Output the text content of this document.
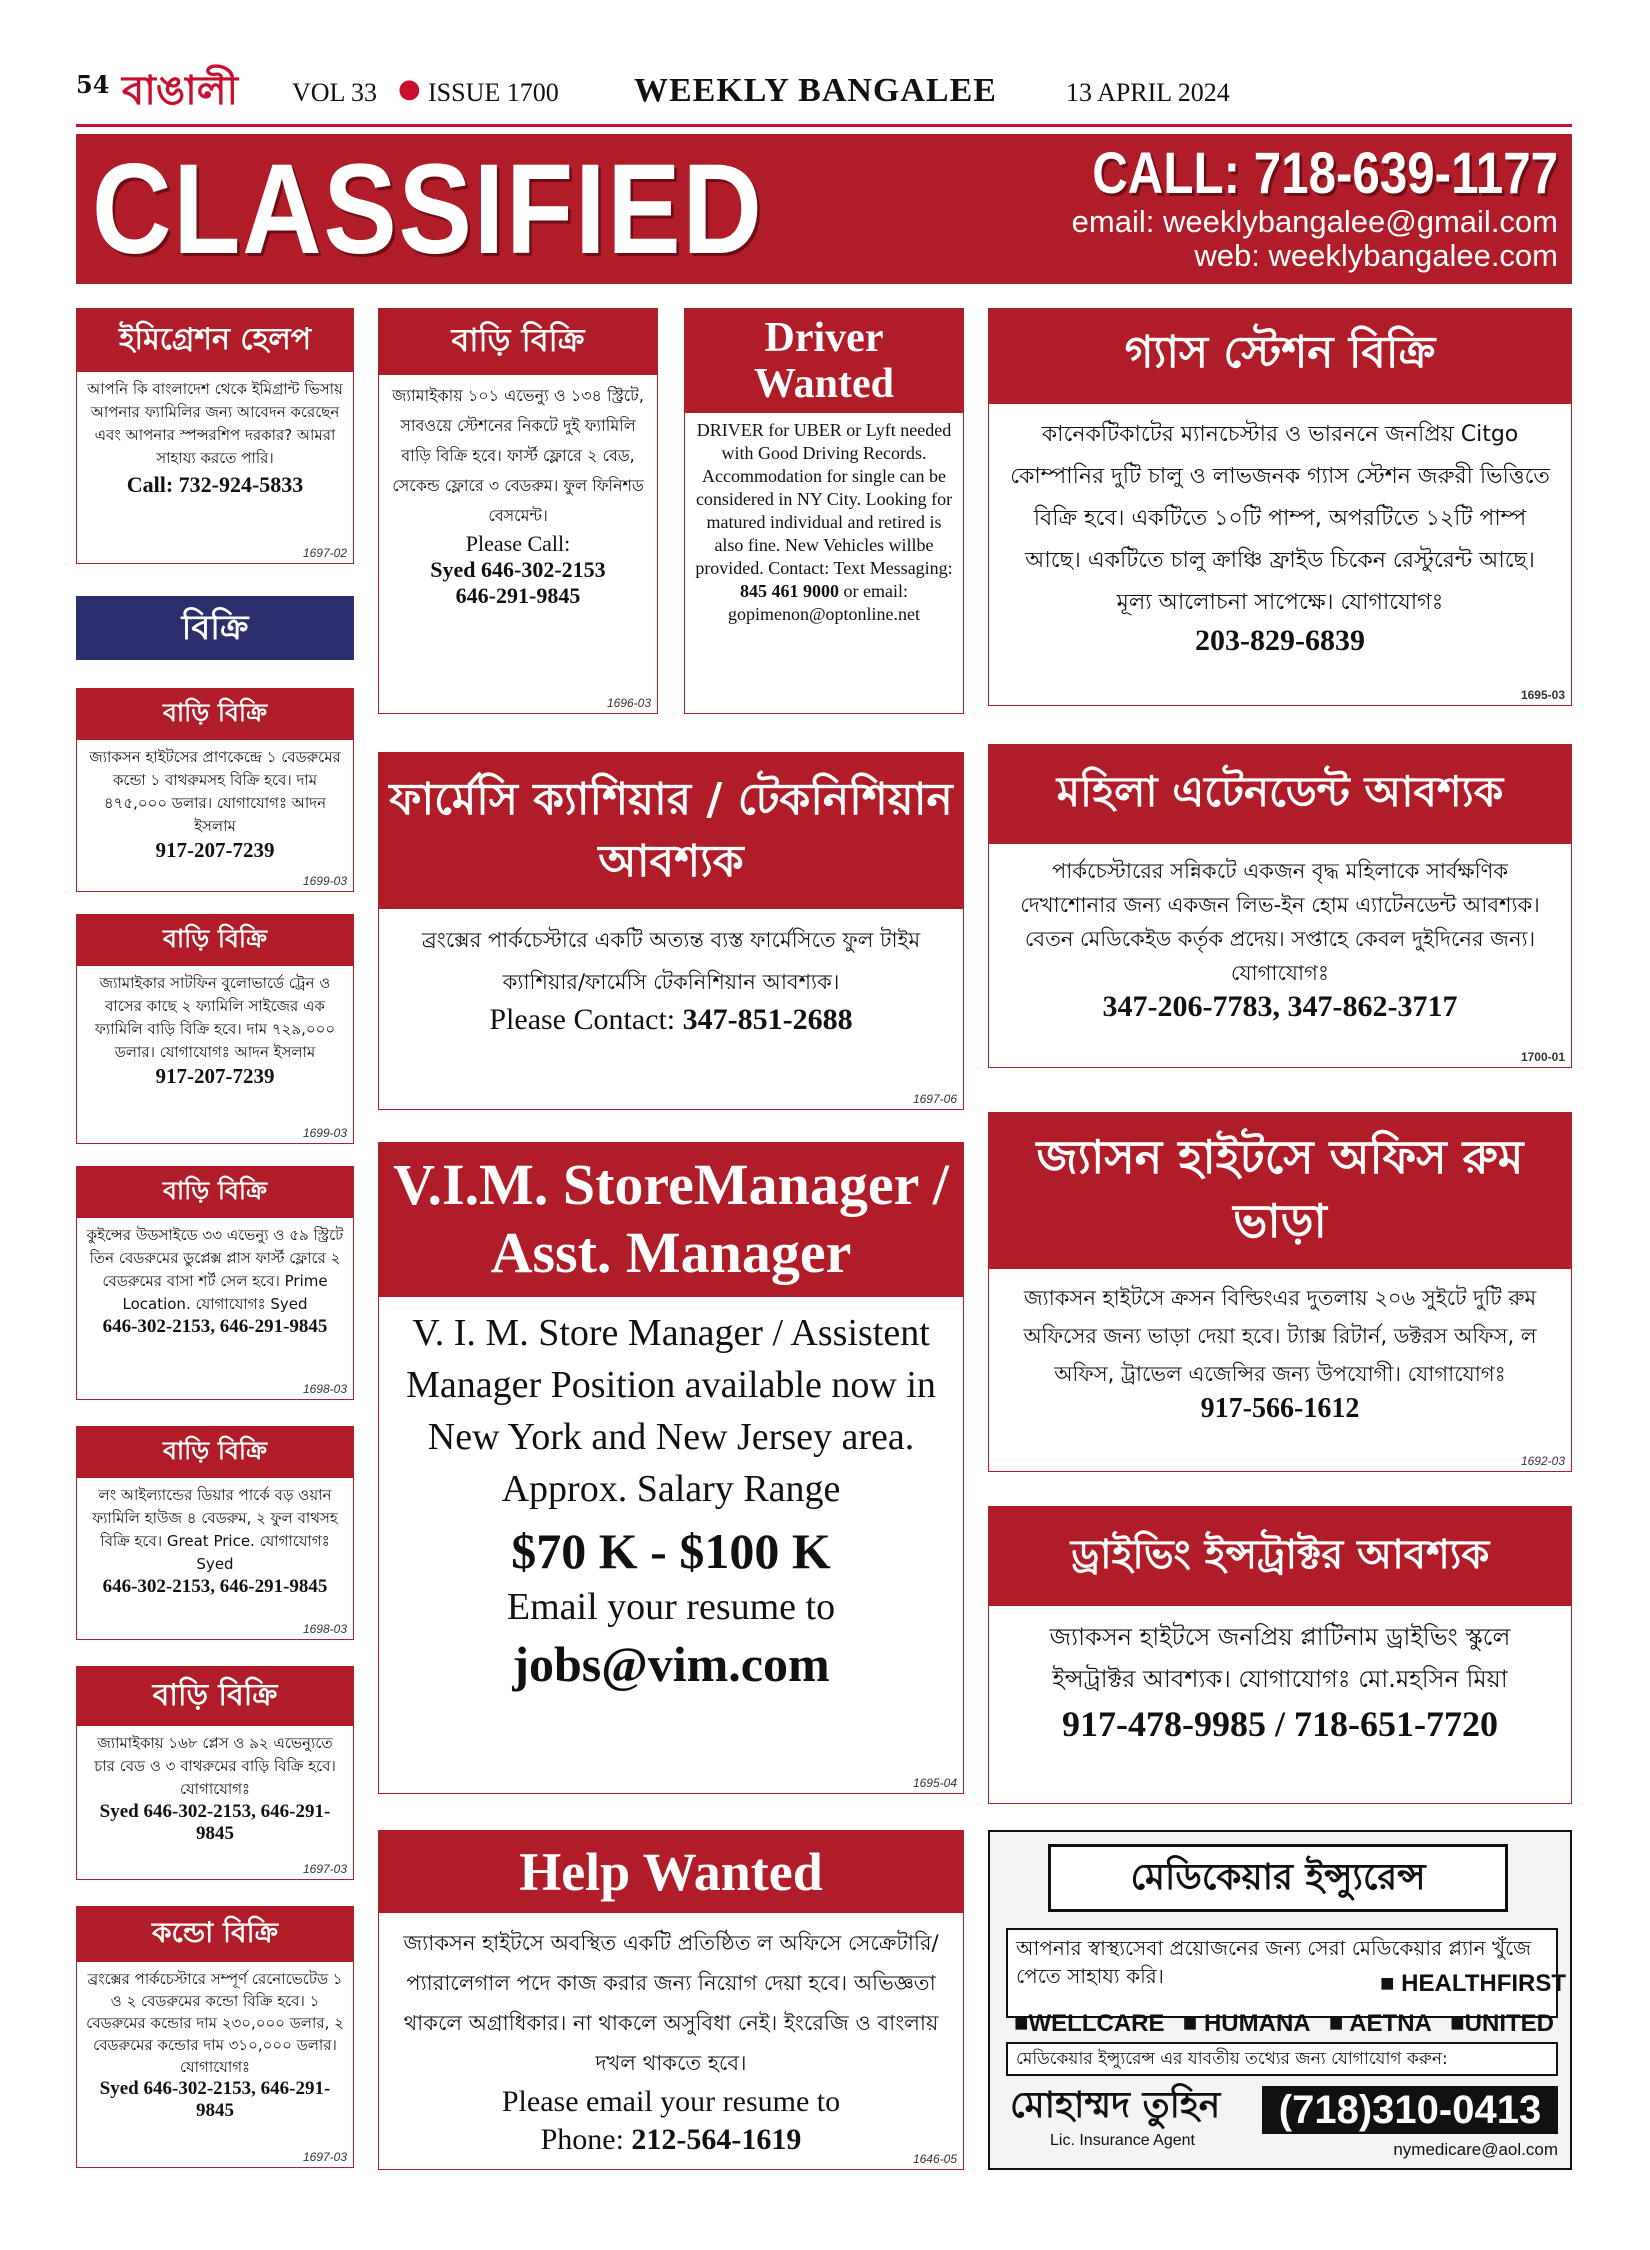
54 বাঙালী VOL 33 ● ISSUE 1700 WEEKLY BANGALEE	13 APRIL 2024
CLASSIFIED	CALL: 718-639-1177
email: weeklybangalee@gmail.com
web: weeklybangalee.com
ইমিগ্রেশন হেলপ
আপনি কি বাংলাদেশ থেকে ইমিগ্রান্ট ভিসায় আপনার ফ্যামিলির জন্য আবেদন করেছেন এবং আপনার স্পন্সরশিপ দরকার? আমরা সাহায্য করতে পারি।
Call: 732-924-5833
1697-02
বিক্রি
বাড়ি বিক্রি
জ্যাকসন হাইটসের প্রাণকেন্দ্রে ১ বেডরুমের কন্ডো ১ বাথরুমসহ বিক্রি হবে। দাম ৪৭৫,০০০ ডলার। যোগাযোগঃ আদন ইসলাম
917-207-7239
1699-03
বাড়ি বিক্রি
জ্যামাইকার সাটফিন বুলোভার্ডে ট্রেন ও বাসের কাছে ২ ফ্যামিলি সাইজের এক ফ্যামিলি বাড়ি বিক্রি হবে। দাম ৭২৯,০০০ ডলার। যোগাযোগঃ আদন ইসলাম
917-207-7239
1699-03
বাড়ি বিক্রি
কুইন্সের উডসাইডে ৩৩ এভেন্যু ও ৫৯ স্ট্রিটে তিন বেডরুমের ডুপ্লেক্স প্লাস ফার্স্ট ফ্লোরে ২ বেডরুমের বাসা শর্ট সেল হবে। Prime Location. যোগাযোগঃ Syed
646-302-2153, 646-291-9845
1698-03
বাড়ি বিক্রি
লং আইল্যান্ডের ডিয়ার পার্কে বড় ওয়ান ফ্যামিলি হাউজ ৪ বেডরুম, ২ ফুল বাথসহ বিক্রি হবে। Great Price. যোগাযোগঃ Syed
646-302-2153, 646-291-9845
1698-03
বাড়ি বিক্রি
জ্যামাইকায় ১৬৮ প্লেস ও ৯২ এভেন্যুতে চার বেড ও ৩ বাথরুমের বাড়ি বিক্রি হবে। যোগাযোগঃ
Syed 646-302-2153, 646-291-9845
1697-03
কন্ডো বিক্রি
ব্রংক্সের পার্কচেস্টারে সম্পূর্ণ রেনোভেটেড ১ ও ২ বেডরুমের কন্ডো বিক্রি হবে। ১ বেডরুমের কন্ডোর দাম ২৩০,০০০ ডলার, ২ বেডরুমের কন্ডোর দাম ৩১০,০০০ ডলার। যোগাযোগঃ
Syed 646-302-2153, 646-291-9845
1697-03
বাড়ি বিক্রি
জ্যামাইকায় ১০১ এভেন্যু ও ১৩৪ স্ট্রিটে, সাবওয়ে স্টেশনের নিকটে দুই ফ্যামিলি বাড়ি বিক্রি হবে। ফার্স্ট ফ্লোরে ২ বেড, সেকেন্ড ফ্লোরে ৩ বেডরুম। ফুল ফিনিশড বেসমেন্ট।
Please Call:
Syed 646-302-2153
646-291-9845
1696-03
Driver Wanted
DRIVER for UBER or Lyft needed with Good Driving Records. Accommodation for single can be considered in NY City. Looking for matured individual and retired is also fine. New Vehicles willbe provided. Contact: Text Messaging:
845 461 9000 or email:
gopimenon@optonline.net
গ্যাস স্টেশন বিক্রি
কানেকটিকাটের ম্যানচেস্টার ও ভারননে জনপ্রিয় Citgo কোম্পানির দুটি চালু ও লাভজনক গ্যাস স্টেশন জরুরী ভিত্তিতে বিক্রি হবে। একটিতে ১০টি পাম্প, অপরটিতে ১২টি পাম্প আছে। একটিতে চালু ক্রাঞ্চি ফ্রাইড চিকেন রেস্টুরেন্ট আছে। মূল্য আলোচনা সাপেক্ষে। যোগাযোগঃ
203-829-6839
1695-03
ফার্মেসি ক্যাশিয়ার / টেকনিশিয়ান আবশ্যক
ব্রংক্সের পার্কচেস্টারে একটি অত্যন্ত ব্যস্ত ফার্মেসিতে ফুল টাইম ক্যাশিয়ার/ফার্মেসি টেকনিশিয়ান আবশ্যক।
Please Contact: 347-851-2688
1697-06
মহিলা এটেনডেন্ট আবশ্যক
পার্কচেস্টারের সন্নিকটে একজন বৃদ্ধ মহিলাকে সার্বক্ষণিক দেখাশোনার জন্য একজন লিভ-ইন হোম এ্যাটেনডেন্ট আবশ্যক। বেতন মেডিকেইড কর্তৃক প্রদেয়। সপ্তাহে কেবল দুইদিনের জন্য। যোগাযোগঃ
347-206-7783, 347-862-3717
1700-01
V.I.M. StoreManager / Asst. Manager
V. I. M. Store Manager / Assistent Manager Position available now in New York and New Jersey area. Approx. Salary Range
$70 K - $100 K
Email your resume to
jobs@vim.com
1695-04
জ্যাসন হাইটসে অফিস রুম ভাড়া
জ্যাকসন হাইটসে ক্রসন বিল্ডিংএর দুতলায় ২০৬ সুইটে দুটি রুম অফিসের জন্য ভাড়া দেয়া হবে। ট্যাক্স রিটার্ন, ডক্টরস অফিস, ল অফিস, ট্রাভেল এজেন্সির জন্য উপযোগী। যোগাযোগঃ
917-566-1612
1692-03
ড্রাইভিং ইন্সট্রাক্টর আবশ্যক
জ্যাকসন হাইটসে জনপ্রিয় প্লাটিনাম ড্রাইভিং স্কুলে ইন্সট্রাক্টর আবশ্যক। যোগাযোগঃ মো.মহসিন মিয়া
917-478-9985 / 718-651-7720
Help Wanted
জ্যাকসন হাইটসে অবস্থিত একটি প্রতিষ্ঠিত ল অফিসে সেক্রেটারি/প্যারালেগাল পদে কাজ করার জন্য নিয়োগ দেয়া হবে। অভিজ্ঞতা থাকলে অগ্রাধিকার। না থাকলে অসুবিধা নেই। ইংরেজি ও বাংলায় দখল থাকতে হবে।
Please email your resume to
Phone: 212-564-1619
1646-05
মেডিকেয়ার ইন্স্যুরেন্স
আপনার স্বাস্থ্যসেবা প্রয়োজনের জন্য সেরা মেডিকেয়ার প্ল্যান খুঁজে পেতে সাহায্য করি।	■ HEALTHFIRST
■WELLCARE ■ HUMANA ■ AETNA ■UNITED
মেডিকেয়ার ইন্স্যুরেন্স এর যাবতীয় তথ্যের জন্য যোগাযোগ করুন:
মোহাম্মদ তুহিন
Lic. Insurance Agent
(718)310-0413
nymedicare@aol.com
